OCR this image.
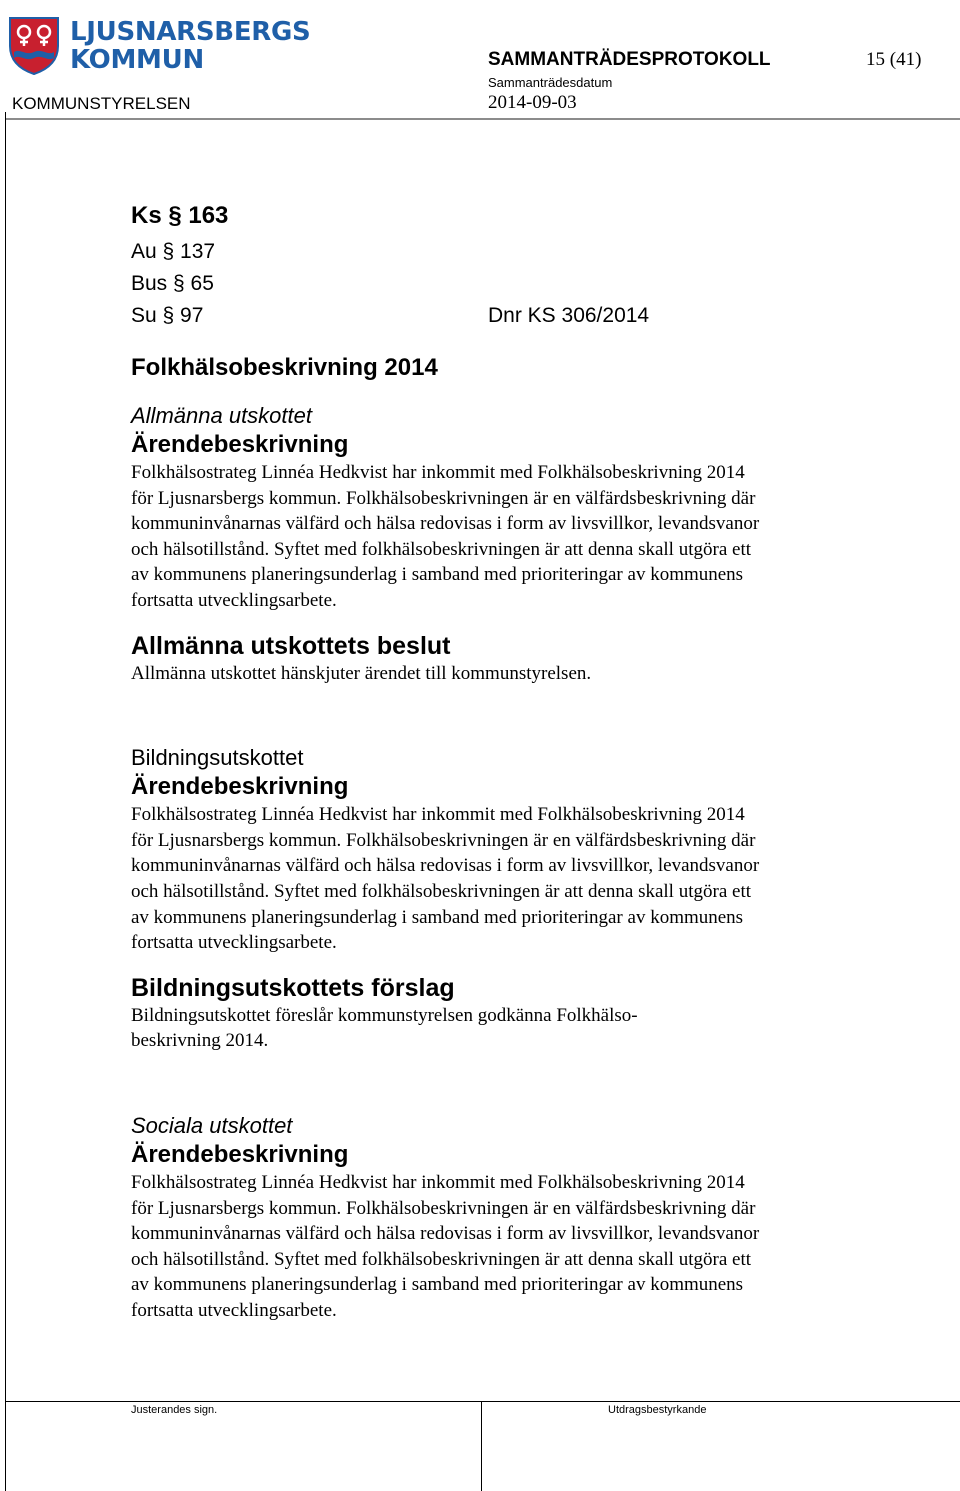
LJUSNARSBERGS
KOMMUN	SAMMANTRÄDESPROTOKOLL	15 (41)
KOMMUNSTYRELSEN
Sammanträdesdatum
2014-09-03
Ks § 163
Au § 137
Bus § 65
Su § 97	Dnr KS 306/2014
Folkhälsobeskrivning 2014
Allmänna utskottet
Ärendebeskrivning

Folkhälsostrateg Linnéa Hedkvist har inkommit med Folkhälsobeskrivning 2014

för Ljusnarsbergs kommun. Folkhälsobeskrivningen är en välfärdsbeskrivning där

kommuninvånarnas välfärd och hälsa redovisas i form av livsvillkor, levandsvanor

och hälsotillstånd. Syftet med folkhälsobeskrivningen är att denna skall utgöra ett

av kommunens planeringsunderlag i samband med prioriteringar av kommunens

fortsatta utvecklingsarbete.

Allmänna utskottets beslut

Allmänna utskottet hänskjuter ärendet till kommunstyrelsen.

Bildningsutskottet
Ärendebeskrivning

Folkhälsostrateg Linnéa Hedkvist har inkommit med Folkhälsobeskrivning 2014

för Ljusnarsbergs kommun. Folkhälsobeskrivningen är en välfärdsbeskrivning där

kommuninvånarnas välfärd och hälsa redovisas i form av livsvillkor, levandsvanor

och hälsotillstånd. Syftet med folkhälsobeskrivningen är att denna skall utgöra ett

av kommunens planeringsunderlag i samband med prioriteringar av kommunens

fortsatta utvecklingsarbete.

Bildningsutskottets förslag

Bildningsutskottet föreslår kommunstyrelsen godkänna Folkhälso-

beskrivning 2014.

Sociala utskottet
Ärendebeskrivning

Folkhälsostrateg Linnéa Hedkvist har inkommit med Folkhälsobeskrivning 2014

för Ljusnarsbergs kommun. Folkhälsobeskrivningen är en välfärdsbeskrivning där

kommuninvånarnas välfärd och hälsa redovisas i form av livsvillkor, levandsvanor

och hälsotillstånd. Syftet med folkhälsobeskrivningen är att denna skall utgöra ett

av kommunens planeringsunderlag i samband med prioriteringar av kommunens

fortsatta utvecklingsarbete.

Justerandes sign.	Utdragsbestyrkande
